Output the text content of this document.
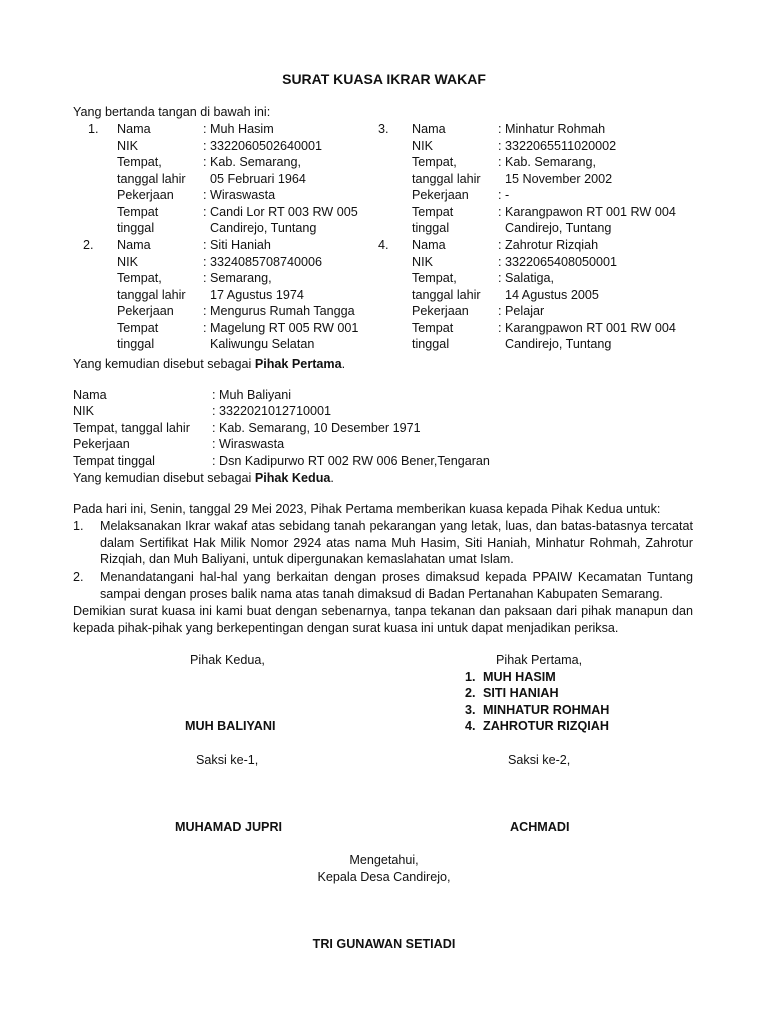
SURAT KUASA IKRAR WAKAF
Yang bertanda tangan di bawah ini:
1. Nama	: Muh Hasim
NIK	: 3322060502640001
Tempat,	: Kab. Semarang,
tanggal lahir 05 Februari 1964
Pekerjaan : Wiraswasta
Tempat	: Candi Lor RT 003 RW 005
tinggal	Candirejo, Tuntang
2. Nama	: Siti Haniah
NIK	: 3324085708740006
Tempat,	: Semarang,
tanggal lahir 17 Agustus 1974
Pekerjaan : Mengurus Rumah Tangga
Tempat	: Magelung RT 005 RW 001
tinggal	Kaliwungu Selatan
3. Nama	: Minhatur Rohmah
NIK	: 3322065511020002
Tempat,	: Kab. Semarang,
tanggal lahir 15 November 2002
Pekerjaan : -
Tempat	: Karangpawon RT 001 RW 004
tinggal	Candirejo, Tuntang
4. Nama	: Zahrotur Rizqiah
NIK	: 3322065408050001
Tempat,	: Salatiga,
tanggal lahir 14 Agustus 2005
Pekerjaan : Pelajar
Tempat	: Karangpawon RT 001 RW 004
tinggal	Candirejo, Tuntang
Yang kemudian disebut sebagai Pihak Pertama.
Nama	: Muh Baliyani
NIK	: 3322021012710001
Tempat, tanggal lahir : Kab. Semarang, 10 Desember 1971
Pekerjaan	: Wiraswasta
Tempat tinggal	: Dsn Kadipurwo RT 002 RW 006 Bener,Tengaran
Yang kemudian disebut sebagai Pihak Kedua.
Pada hari ini, Senin, tanggal 29 Mei 2023, Pihak Pertama memberikan kuasa kepada Pihak Kedua untuk:
1. Melaksanakan Ikrar wakaf atas sebidang tanah pekarangan yang letak, luas, dan batas-batasnya tercatat dalam Sertifikat Hak Milik Nomor 2924 atas nama Muh Hasim, Siti Haniah, Minhatur Rohmah, Zahrotur Rizqiah, dan Muh Baliyani, untuk dipergunakan kemaslahatan umat Islam.
2. Menandatangani hal-hal yang berkaitan dengan proses dimaksud kepada PPAIW Kecamatan Tuntang sampai dengan proses balik nama atas tanah dimaksud di Badan Pertanahan Kabupaten Semarang.
Demikian surat kuasa ini kami buat dengan sebenarnya, tanpa tekanan dan paksaan dari pihak manapun dan kepada pihak-pihak yang berkepentingan dengan surat kuasa ini untuk dapat menjadikan periksa.
Pihak Kedua,	Pihak Pertama,
1. MUH HASIM
2. SITI HANIAH
3. MINHATUR ROHMAH
4. ZAHROTUR RIZQIAH
MUH BALIYANI
Saksi ke-1,	Saksi ke-2,
MUHAMAD JUPRI	ACHMADI
Mengetahui,
Kepala Desa Candirejo,
TRI GUNAWAN SETIADI
